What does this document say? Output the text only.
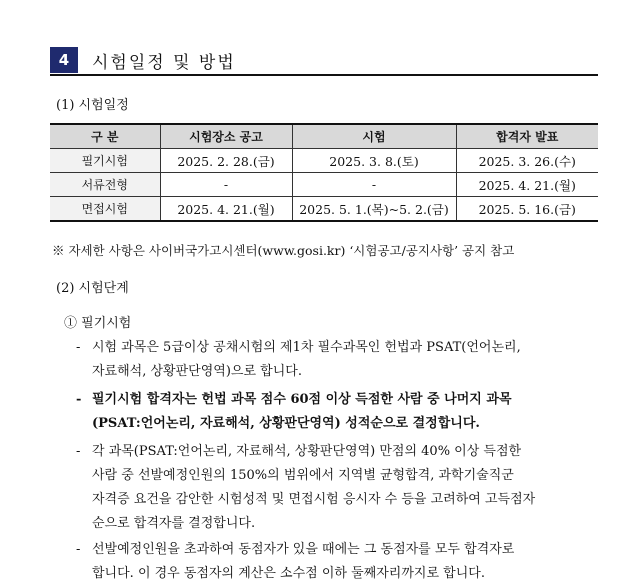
4	시험일정 및 방법
(1) 시험일정
구 분	시험장소 공고	시험	합격자 발표
필기시험	2025. 2. 28.(금)	2025. 3. 8.(토)	2025. 3. 26.(수)
서류전형	-	-	2025. 4. 21.(월)
면접시험	2025. 4. 21.(월)	2025. 5. 1.(목)~5. 2.(금)	2025. 5. 16.(금)
※ 자세한 사항은 사이버국가고시센터(www.gosi.kr) ‘시험공고/공지사항’ 공지 참고
(2) 시험단계
① 필기시험
- 시험 과목은 5급이상 공채시험의 제1차 필수과목인 헌법과 PSAT(언어논리,
자료해석, 상황판단영역)으로 합니다.
- 필기시험 합격자는 헌법 과목 점수 60점 이상 득점한 사람 중 나머지 과목
(PSAT:언어논리, 자료해석, 상황판단영역) 성적순으로 결정합니다.
- 각 과목(PSAT:언어논리, 자료해석, 상황판단영역) 만점의 40% 이상 득점한
사람 중 선발예정인원의 150%의 범위에서 지역별 균형합격, 과학기술직군
자격증 요건을 감안한 시험성적 및 면접시험 응시자 수 등을 고려하여 고득점자
순으로 합격자를 결정합니다.
- 선발예정인원을 초과하여 동점자가 있을 때에는 그 동점자를 모두 합격자로
합니다. 이 경우 동점자의 계산은 소수점 이하 둘째자리까지로 합니다.
